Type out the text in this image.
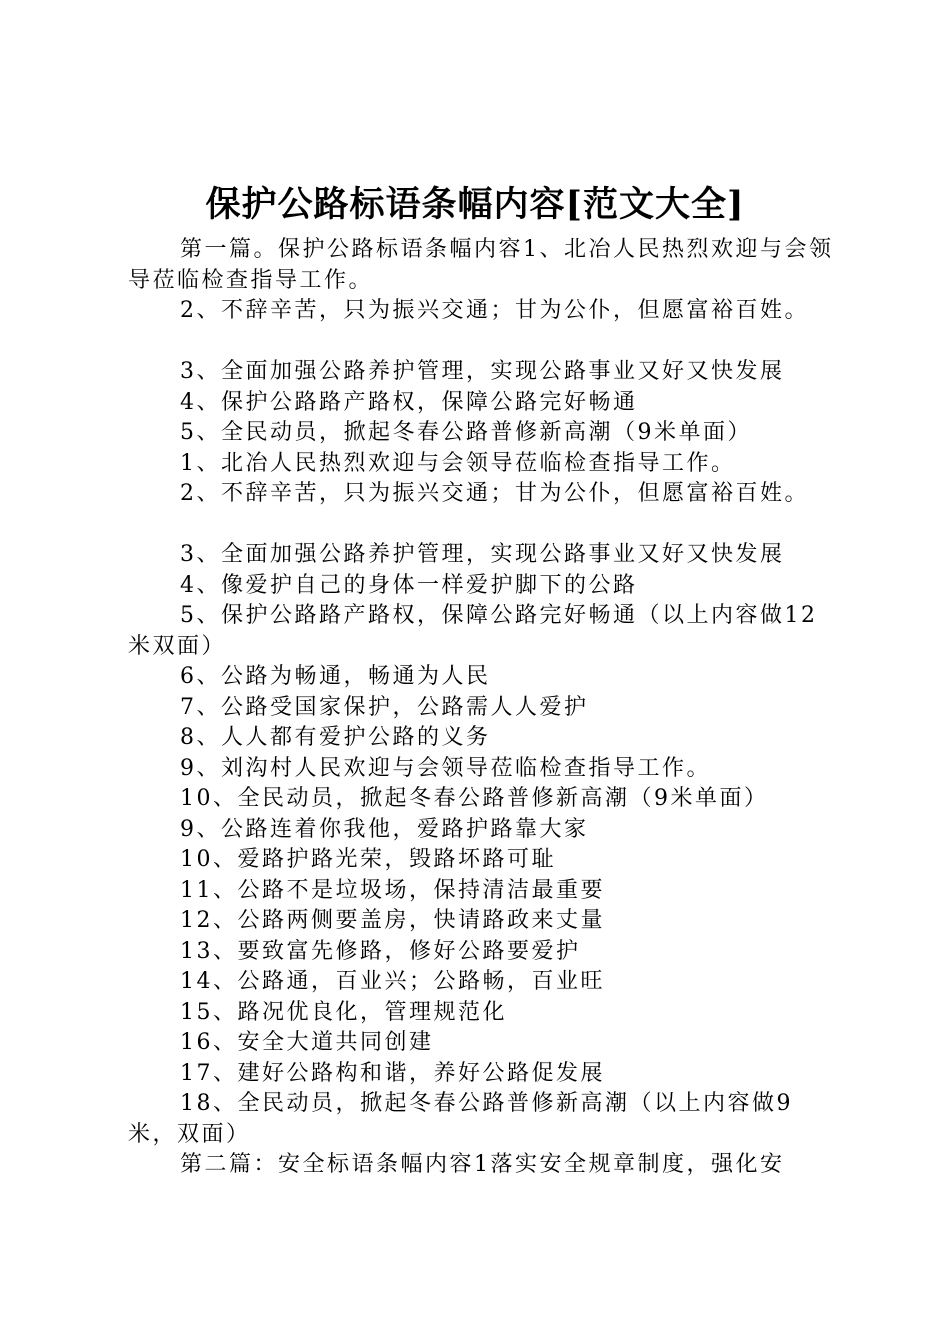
保护公路标语条幅内容[范文大全]

第一篇。保护公路标语条幅内容1、北冶人民热烈欢迎与会领导莅临检查指导工作。

2、不辞辛苦，只为振兴交通；甘为公仆，但愿富裕百姓。

3、全面加强公路养护管理，实现公路事业又好又快发展

4、保护公路路产路权，保障公路完好畅通

5、全民动员，掀起冬春公路普修新高潮（9米单面）

1、北冶人民热烈欢迎与会领导莅临检查指导工作。

2、不辞辛苦，只为振兴交通；甘为公仆，但愿富裕百姓。

3、全面加强公路养护管理，实现公路事业又好又快发展

4、像爱护自己的身体一样爱护脚下的公路

5、保护公路路产路权，保障公路完好畅通（以上内容做12米双面）

6、公路为畅通，畅通为人民

7、公路受国家保护，公路需人人爱护

8、人人都有爱护公路的义务

9、刘沟村人民欢迎与会领导莅临检查指导工作。

10、全民动员，掀起冬春公路普修新高潮（9米单面）

9、公路连着你我他，爱路护路靠大家

10、爱路护路光荣，毁路坏路可耻

11、公路不是垃圾场，保持清洁最重要

12、公路两侧要盖房，快请路政来丈量

13、要致富先修路，修好公路要爱护

14、公路通，百业兴；公路畅，百业旺

15、路况优良化，管理规范化

16、安全大道共同创建

17、建好公路构和谐，养好公路促发展

18、全民动员，掀起冬春公路普修新高潮（以上内容做9米，双面）

第二篇：安全标语条幅内容1落实安全规章制度，强化安
